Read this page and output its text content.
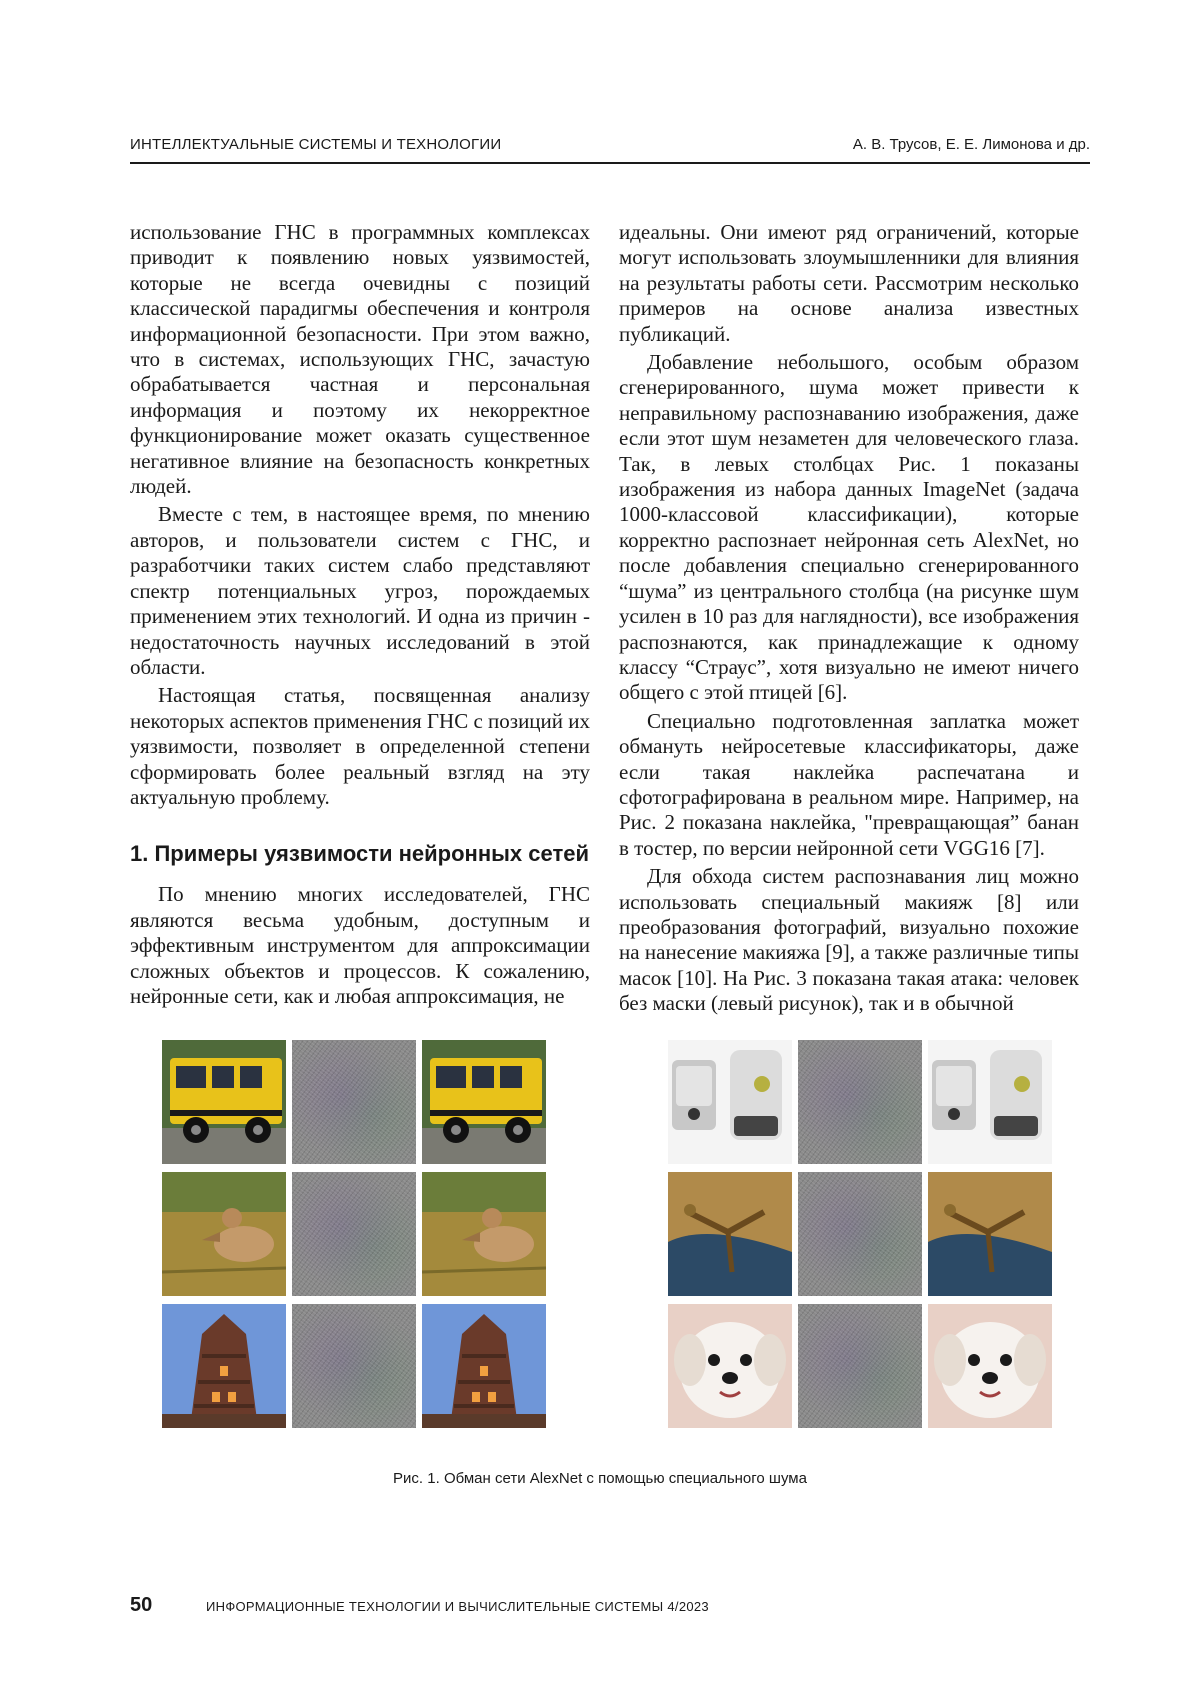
ИНТЕЛЛЕКТУАЛЬНЫЕ СИСТЕМЫ И ТЕХНОЛОГИИ	А. В. Трусов, Е. Е. Лимонова и др.

использование ГНС в программных комплексах приводит к появлению новых уязвимостей, которые не всегда очевидны с позиций классической парадигмы обеспечения и контроля информационной безопасности. При этом важно, что в системах, использующих ГНС, зачастую обрабатывается частная и персональная информация и поэтому их некорректное функционирование может оказать существенное негативное влияние на безопасность конкретных людей.

Вместе с тем, в настоящее время, по мнению авторов, и пользователи систем с ГНС, и разработчики таких систем слабо представляют спектр потенциальных угроз, порождаемых применением этих технологий. И одна из причин - недостаточность научных исследований в этой области.

Настоящая статья, посвященная анализу некоторых аспектов применения ГНС с позиций их уязвимости, позволяет в определенной степени сформировать более реальный взгляд на эту актуальную проблему.

1. Примеры уязвимости нейронных сетей

По мнению многих исследователей, ГНС являются весьма удобным, доступным и эффективным инструментом для аппроксимации сложных объектов и процессов. К сожалению, нейронные сети, как и любая аппроксимация, не

идеальны. Они имеют ряд ограничений, которые могут использовать злоумышленники для влияния на результаты работы сети. Рассмотрим несколько примеров на основе анализа известных публикаций.

Добавление небольшого, особым образом сгенерированного, шума может привести к неправильному распознаванию изображения, даже если этот шум незаметен для человеческого глаза. Так, в левых столбцах Рис. 1 показаны изображения из набора данных ImageNet (задача 1000-классовой классификации), которые корректно распознает нейронная сеть AlexNet, но после добавления специально сгенерированного “шума” из центрального столбца (на рисунке шум усилен в 10 раз для наглядности), все изображения распознаются, как принадлежащие к одному классу “Страус”, хотя визуально не имеют ничего общего с этой птицей [6].

Специально подготовленная заплатка может обмануть нейросетевые классификаторы, даже если такая наклейка распечатана и сфотографирована в реальном мире. Например, на Рис. 2 показана наклейка, "превращающая” банан в тостер, по версии нейронной сети VGG16 [7].

Для обхода систем распознавания лиц можно использовать специальный макияж [8] или преобразования фотографий, визуально похожие на нанесение макияжа [9], а также различные типы масок [10]. На Рис. 3 показана такая атака: человек без маски (левый рисунок), так и в обычной

Рис. 1. Обман сети AlexNet с помощью специального шума
50	ИНФОРМАЦИОННЫЕ ТЕХНОЛОГИИ И ВЫЧИСЛИТЕЛЬНЫЕ СИСТЕМЫ 4/2023
